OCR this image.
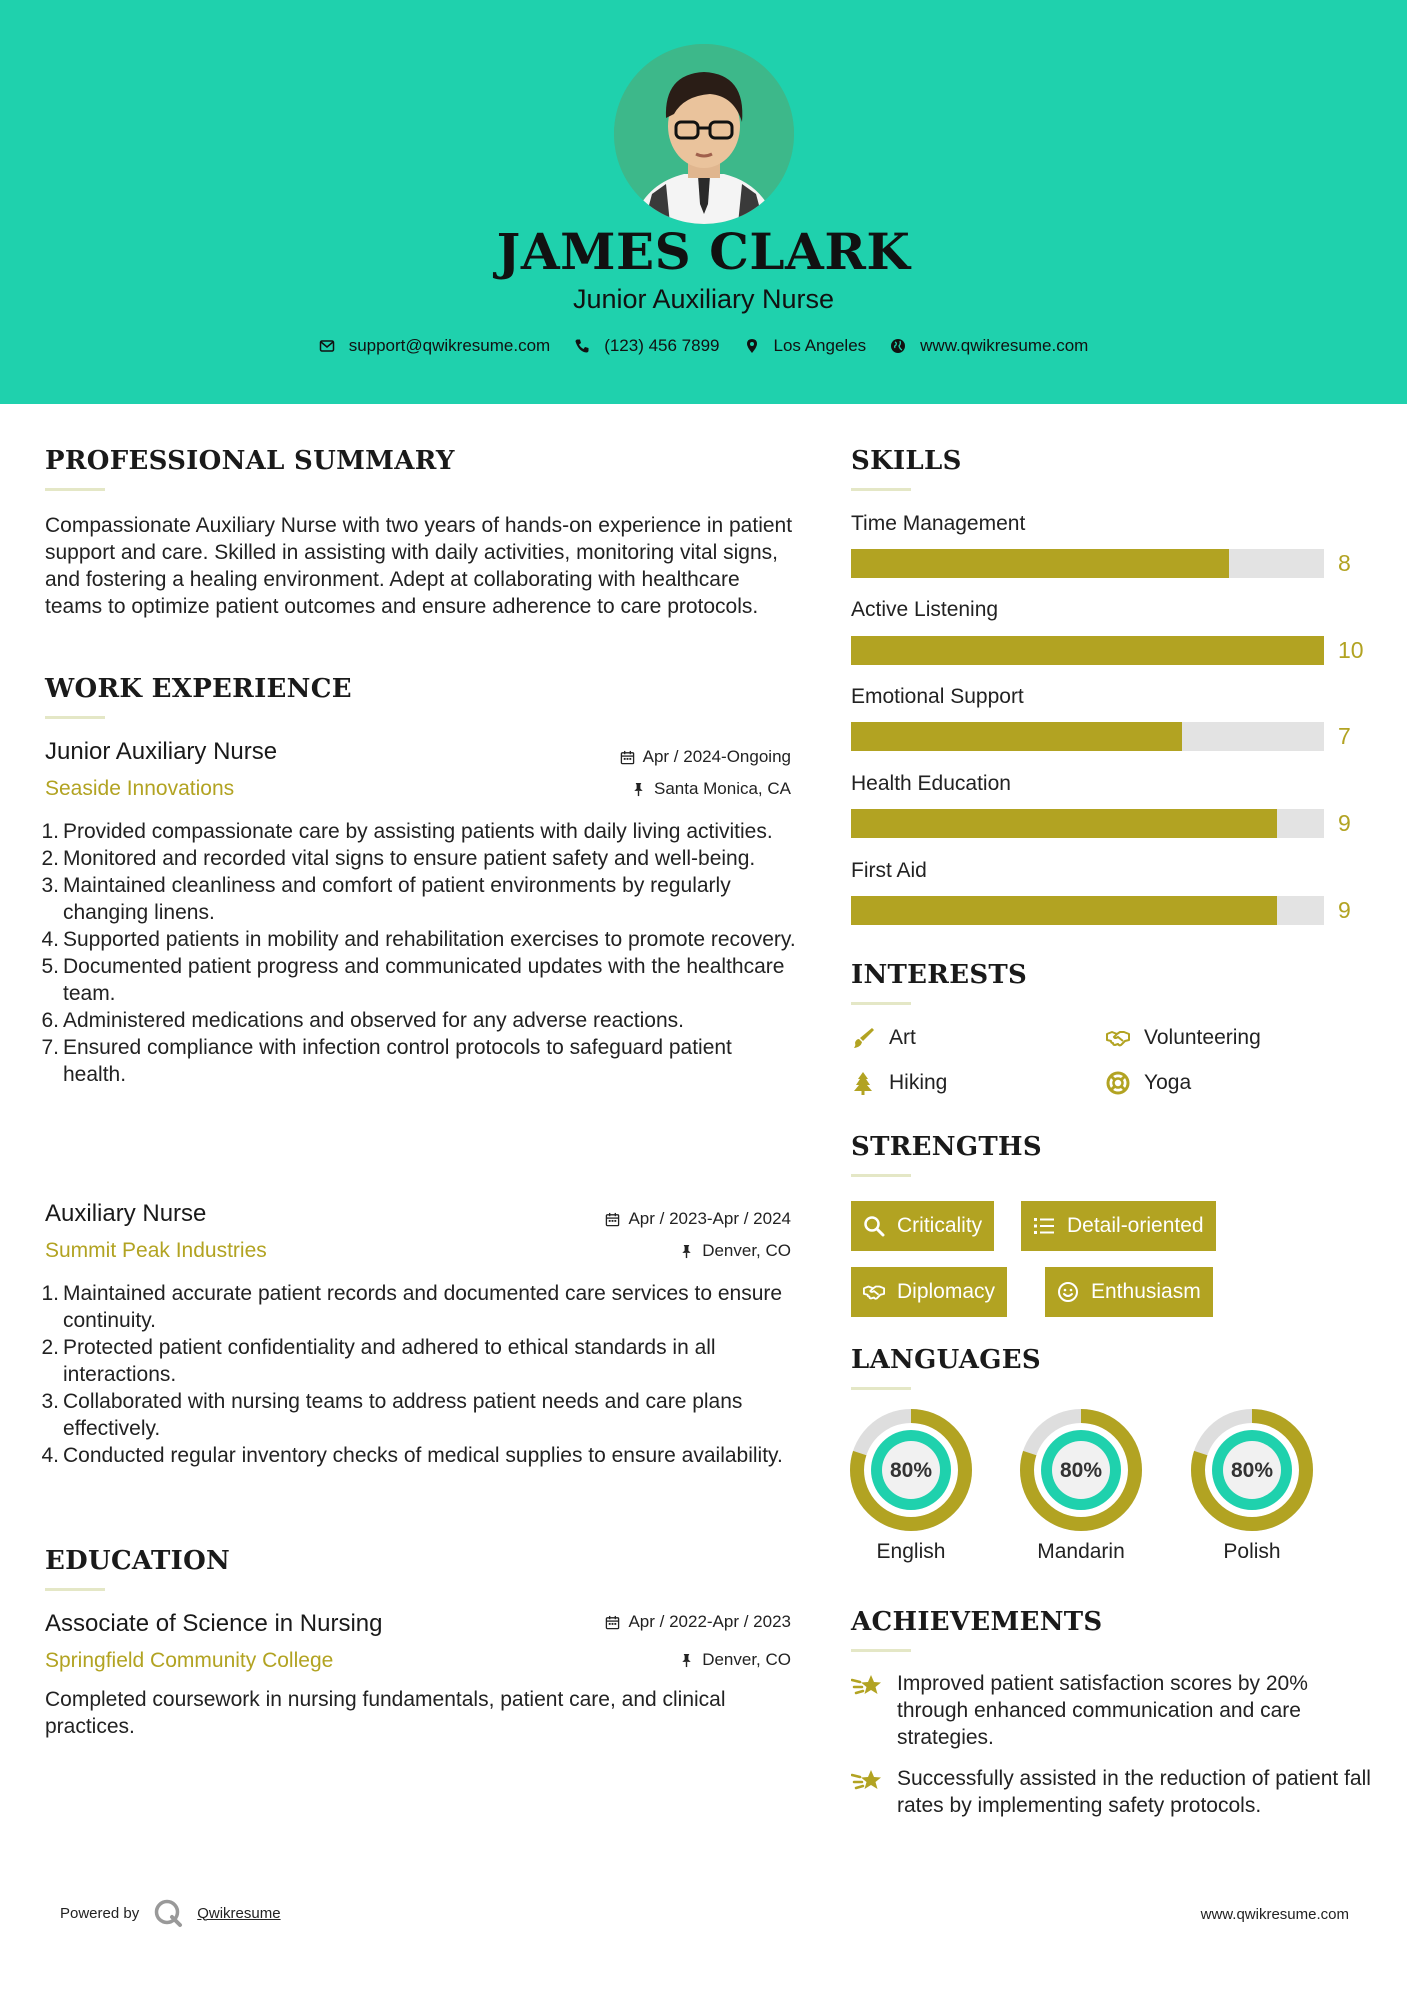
JAMES CLARK
Junior Auxiliary Nurse
support@qwikresume.com	(123) 456 7899	Los Angeles	www.qwikresume.com
PROFESSIONAL SUMMARY
Compassionate Auxiliary Nurse with two years of hands-on experience in patient support and care. Skilled in assisting with daily activities, monitoring vital signs, and fostering a healing environment. Adept at collaborating with healthcare teams to optimize patient outcomes and ensure adherence to care protocols.
WORK EXPERIENCE
Junior Auxiliary Nurse	Apr / 2024-Ongoing
Seaside Innovations	Santa Monica, CA
1. Provided compassionate care by assisting patients with daily living activities.
2. Monitored and recorded vital signs to ensure patient safety and well-being.
3. Maintained cleanliness and comfort of patient environments by regularly changing linens.
4. Supported patients in mobility and rehabilitation exercises to promote recovery.
5. Documented patient progress and communicated updates with the healthcare team.
6. Administered medications and observed for any adverse reactions.
7. Ensured compliance with infection control protocols to safeguard patient health.
Auxiliary Nurse	Apr / 2023-Apr / 2024
Summit Peak Industries	Denver, CO
1. Maintained accurate patient records and documented care services to ensure continuity.
2. Protected patient confidentiality and adhered to ethical standards in all interactions.
3. Collaborated with nursing teams to address patient needs and care plans effectively.
4. Conducted regular inventory checks of medical supplies to ensure availability.
EDUCATION
Associate of Science in Nursing	Apr / 2022-Apr / 2023
Springfield Community College	Denver, CO
Completed coursework in nursing fundamentals, patient care, and clinical practices.
SKILLS
Time Management
8
Active Listening
10
Emotional Support
7
Health Education
9
First Aid
9
INTERESTS
Art	Volunteering
Hiking	Yoga
STRENGTHS
Criticality	Detail-oriented
Diplomacy	Enthusiasm
LANGUAGES
80%
English
80%
Mandarin
80%
Polish
ACHIEVEMENTS
Improved patient satisfaction scores by 20% through enhanced communication and care strategies.
Successfully assisted in the reduction of patient fall rates by implementing safety protocols.
Powered by	Qwikresume	www.qwikresume.com
